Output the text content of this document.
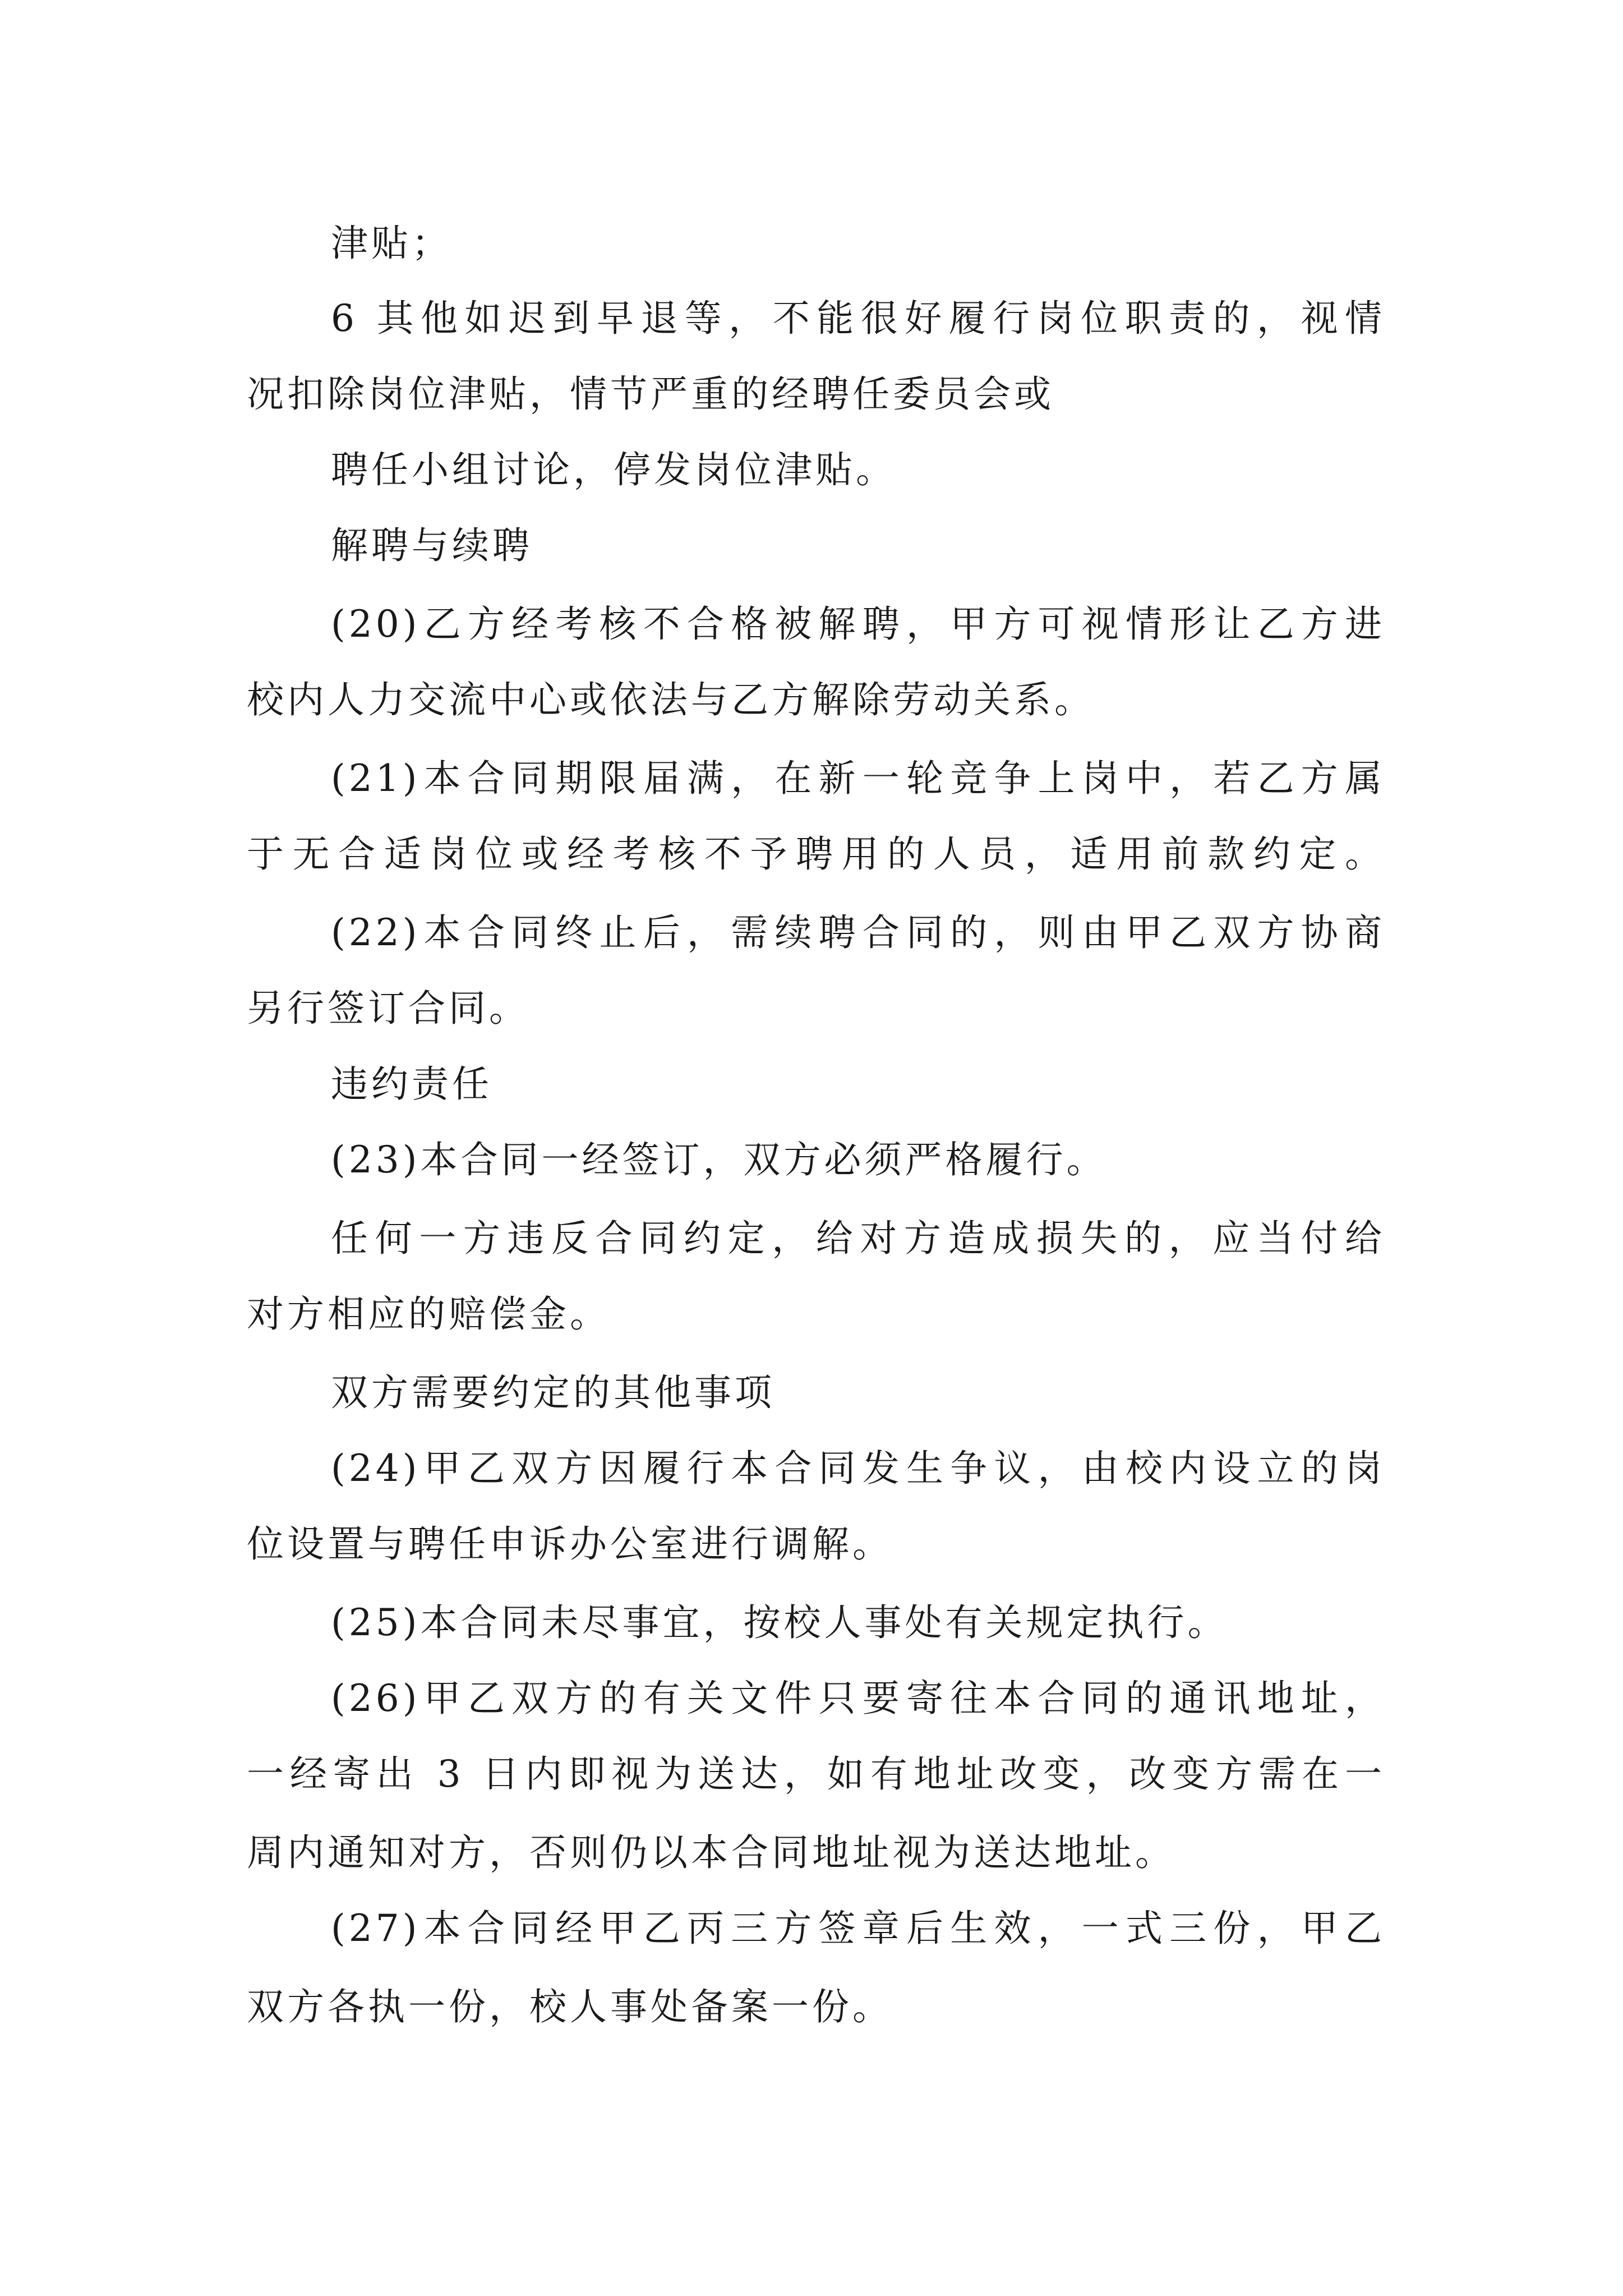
津贴；

6 其他如迟到早退等，不能很好履行岗位职责的，视情

况扣除岗位津贴，情节严重的经聘任委员会或

聘任小组讨论，停发岗位津贴。

解聘与续聘

(20)乙方经考核不合格被解聘，甲方可视情形让乙方进

校内人力交流中心或依法与乙方解除劳动关系。

(21)本合同期限届满，在新一轮竞争上岗中，若乙方属

于无合适岗位或经考核不予聘用的人员，适用前款约定。

(22)本合同终止后，需续聘合同的，则由甲乙双方协商

另行签订合同。

违约责任

(23)本合同一经签订，双方必须严格履行。

任何一方违反合同约定，给对方造成损失的，应当付给

对方相应的赔偿金。

双方需要约定的其他事项

(24)甲乙双方因履行本合同发生争议，由校内设立的岗

位设置与聘任申诉办公室进行调解。

(25)本合同未尽事宜，按校人事处有关规定执行。

(26)甲乙双方的有关文件只要寄往本合同的通讯地址，

一经寄出 3 日内即视为送达，如有地址改变，改变方需在一

周内通知对方，否则仍以本合同地址视为送达地址。

(27)本合同经甲乙丙三方签章后生效，一式三份，甲乙

双方各执一份，校人事处备案一份。
